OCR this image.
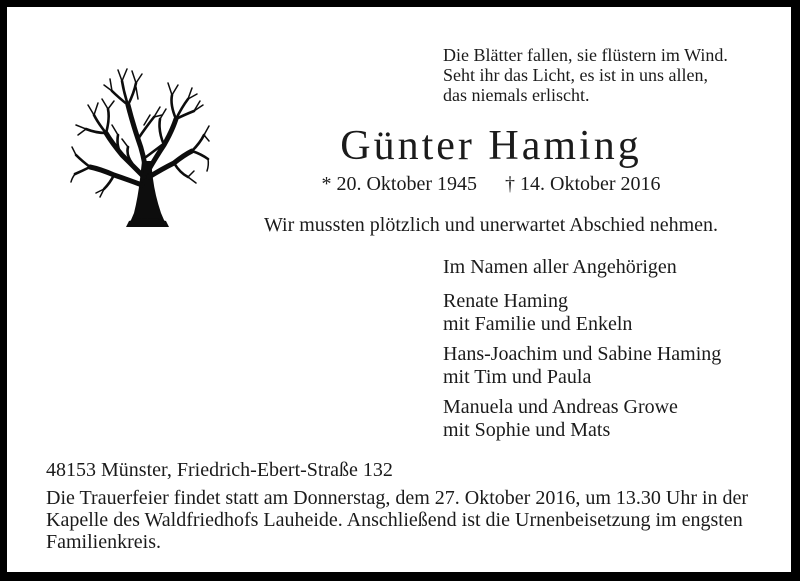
Die Blätter fallen, sie flüstern im Wind.
Seht ihr das Licht, es ist in uns allen,
das niemals erlischt.
Günter Haming
* 20. Oktober 1945 † 14. Oktober 2016
Wir mussten plötzlich und unerwartet Abschied nehmen.
Im Namen aller Angehörigen
Renate Haming
mit Familie und Enkeln
Hans-Joachim und Sabine Haming
mit Tim und Paula
Manuela und Andreas Growe
mit Sophie und Mats
48153 Münster, Friedrich-Ebert-Straße 132
Die Trauerfeier findet statt am Donnerstag, dem 27. Oktober 2016, um 13.30 Uhr in der
Kapelle des Waldfriedhofs Lauheide. Anschließend ist die Urnenbeisetzung im engsten
Familienkreis.
